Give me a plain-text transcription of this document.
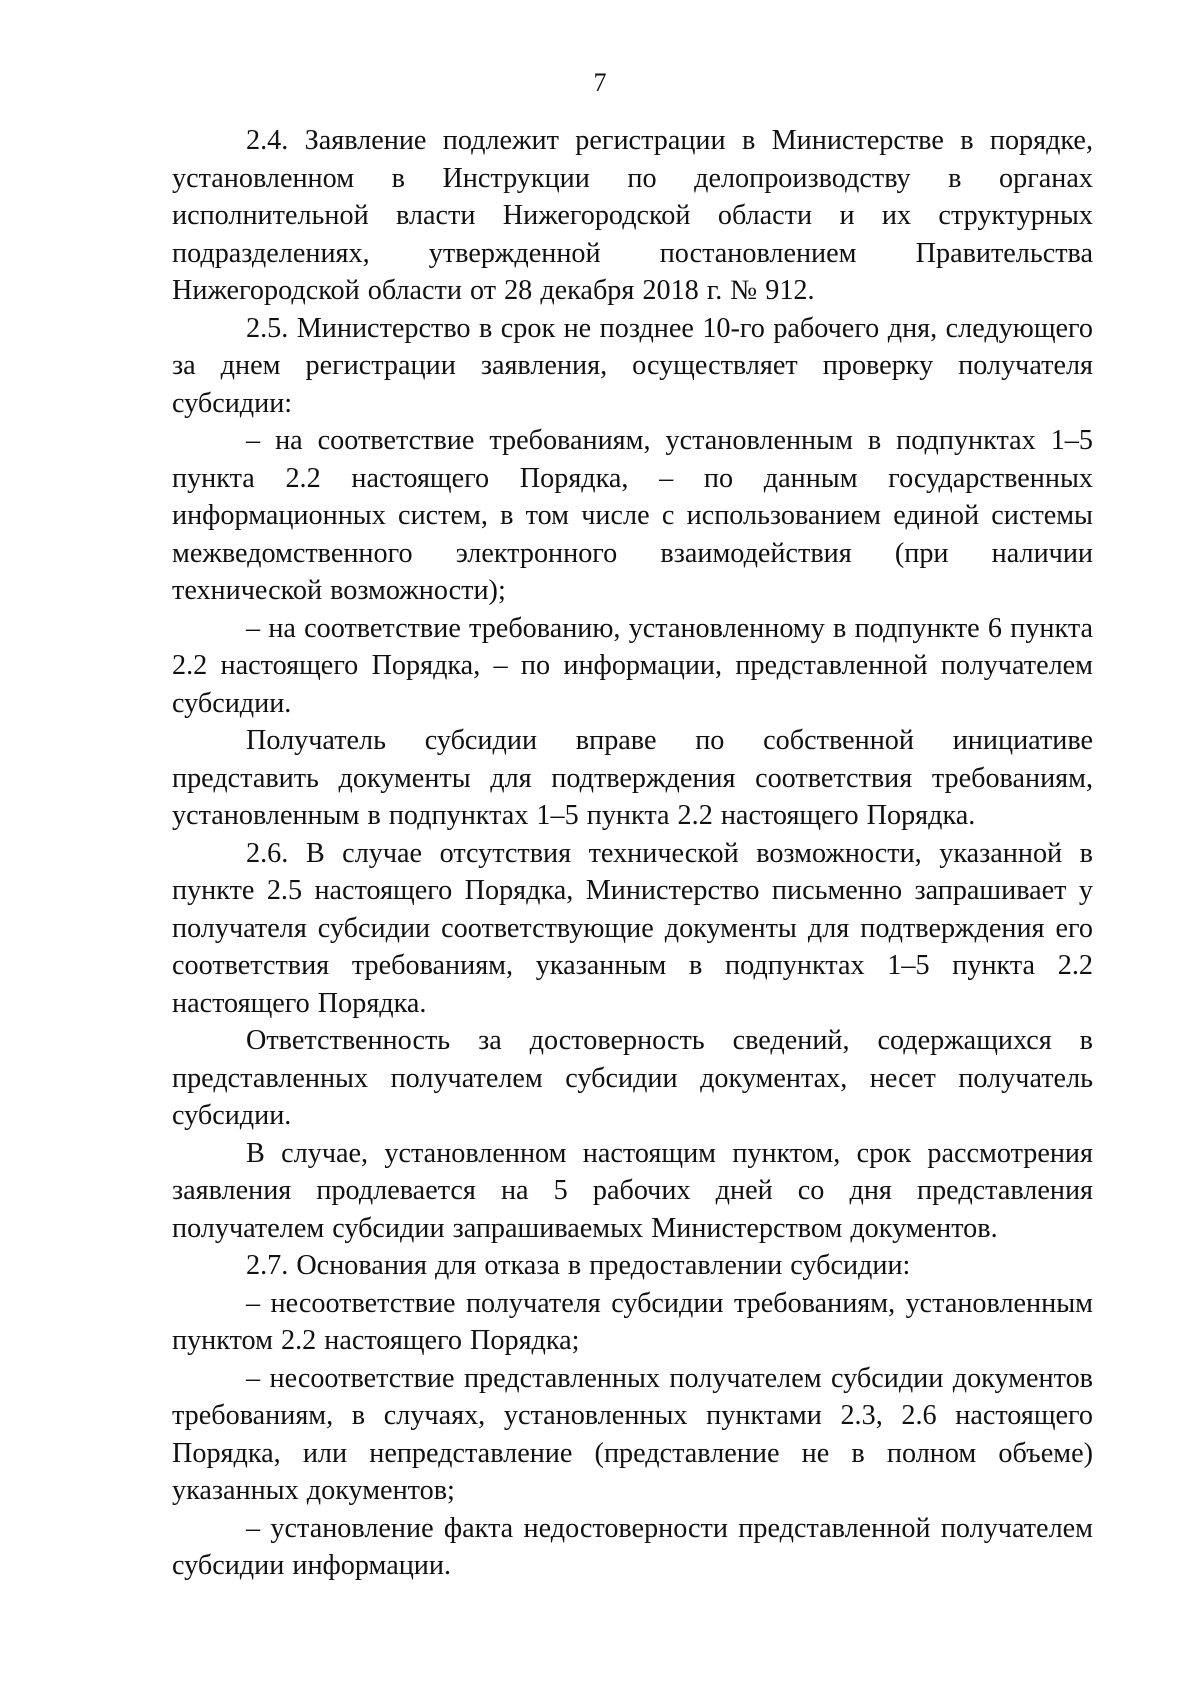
7

2.4. Заявление подлежит регистрации в Министерстве в порядке, установленном в Инструкции по делопроизводству в органах исполнительной власти Нижегородской области и их структурных подразделениях, утвержденной постановлением Правительства Нижегородской области от 28 декабря 2018 г. № 912.

2.5. Министерство в срок не позднее 10-го рабочего дня, следующего за днем регистрации заявления, осуществляет проверку получателя субсидии:

– на соответствие требованиям, установленным в подпунктах 1–5 пункта 2.2 настоящего Порядка, – по данным государственных информационных систем, в том числе с использованием единой системы межведомственного электронного взаимодействия (при наличии технической возможности);

– на соответствие требованию, установленному в подпункте 6 пункта 2.2 настоящего Порядка, – по информации, представленной получателем субсидии.

Получатель субсидии вправе по собственной инициативе представить документы для подтверждения соответствия требованиям, установленным в подпунктах 1–5 пункта 2.2 настоящего Порядка.

2.6. В случае отсутствия технической возможности, указанной в пункте 2.5 настоящего Порядка, Министерство письменно запрашивает у получателя субсидии соответствующие документы для подтверждения его соответствия требованиям, указанным в подпунктах 1–5 пункта 2.2 настоящего Порядка.

Ответственность за достоверность сведений, содержащихся в представленных получателем субсидии документах, несет получатель субсидии.

В случае, установленном настоящим пунктом, срок рассмотрения заявления продлевается на 5 рабочих дней со дня представления получателем субсидии запрашиваемых Министерством документов.

2.7. Основания для отказа в предоставлении субсидии:

– несоответствие получателя субсидии требованиям, установленным пунктом 2.2 настоящего Порядка;

– несоответствие представленных получателем субсидии документов требованиям, в случаях, установленных пунктами 2.3, 2.6 настоящего Порядка, или непредставление (представление не в полном объеме) указанных документов;

– установление факта недостоверности представленной получателем субсидии информации.
